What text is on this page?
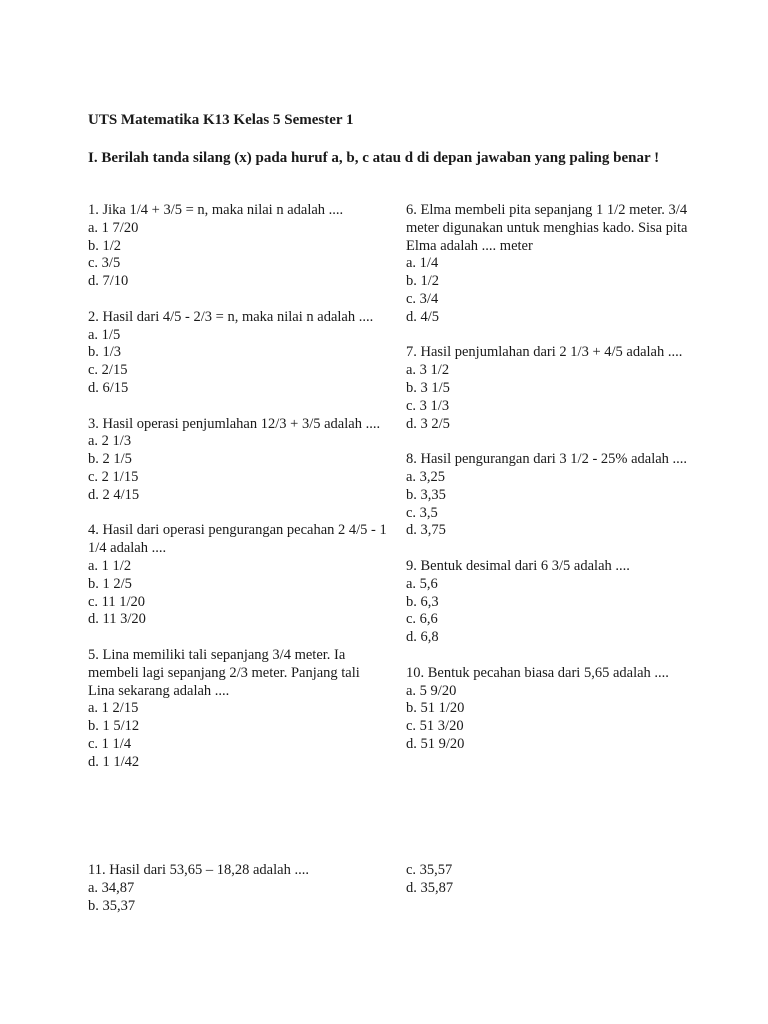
UTS Matematika K13 Kelas 5 Semester 1
I. Berilah tanda silang (x) pada huruf a, b, c atau d di depan jawaban yang paling benar !
1. Jika 1/4 + 3/5 = n, maka nilai n adalah ....
a. 1 7/20
b. 1/2
c. 3/5
d. 7/10
2. Hasil dari 4/5 - 2/3 = n, maka nilai n adalah ....
a. 1/5
b. 1/3
c. 2/15
d. 6/15
3. Hasil operasi penjumlahan 12/3 + 3/5 adalah ....
a. 2 1/3
b. 2 1/5
c. 2 1/15
d. 2 4/15
4. Hasil dari operasi pengurangan pecahan 2 4/5 - 1 1/4 adalah ....
a. 1 1/2
b. 1 2/5
c. 11 1/20
d. 11 3/20
5. Lina memiliki tali sepanjang 3/4 meter. Ia membeli lagi sepanjang 2/3 meter. Panjang tali Lina sekarang adalah ....
a. 1 2/15
b. 1 5/12
c. 1 1/4
d. 1 1/42
6. Elma membeli pita sepanjang 1 1/2 meter. 3/4 meter digunakan untuk menghias kado. Sisa pita Elma adalah .... meter
a. 1/4
b. 1/2
c. 3/4
d. 4/5
7. Hasil penjumlahan dari 2 1/3 + 4/5 adalah ....
a. 3 1/2
b. 3 1/5
c. 3 1/3
d. 3 2/5
8. Hasil pengurangan dari 3 1/2 - 25% adalah ....
a. 3,25
b. 3,35
c. 3,5
d. 3,75
9. Bentuk desimal dari 6 3/5 adalah ....
a. 5,6
b. 6,3
c. 6,6
d. 6,8
10. Bentuk pecahan biasa dari 5,65 adalah ....
a. 5 9/20
b. 51 1/20
c. 51 3/20
d. 51 9/20
11. Hasil dari 53,65 – 18,28 adalah ....
a. 34,87
b. 35,37
c. 35,57
d. 35,87
